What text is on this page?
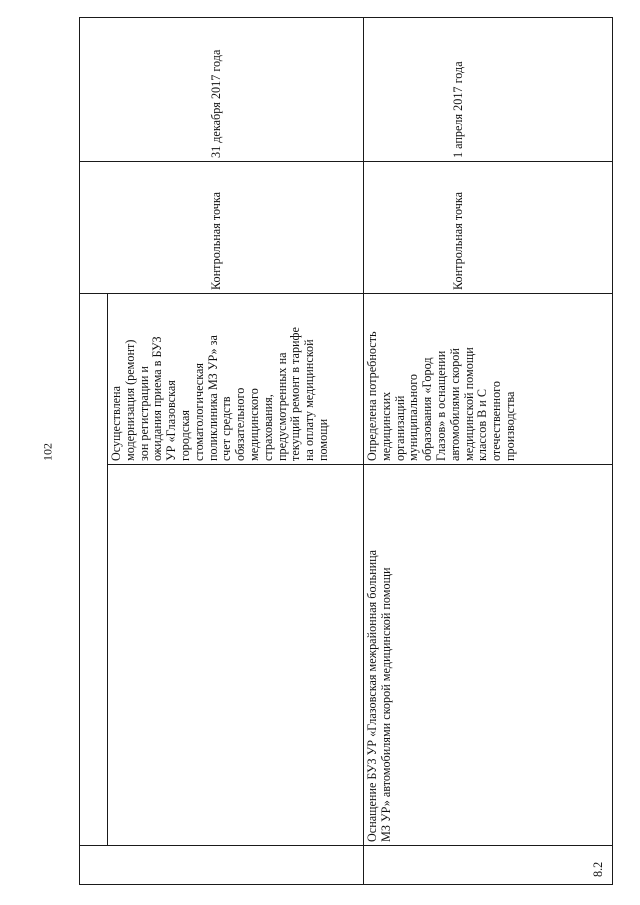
102	Осуществлена модернизация (ремонт) зон регистрации и ожидания приема в БУЗ УР «Глазовская городская стоматологическая поликлиника МЗ УР» за счет средств обязательного медицинского страхования, предусмотренных на текущий ремонт в тарифе на оплату медицинской помощи
Контрольная точка
31 декабря 2017 года
8.2
Оснащение БУЗ УР «Глазовская межрайонная больница МЗ УР» автомобилями скорой медицинской помощи
Определена потребность медицинских организаций муниципального образования «Город Глазов» в оснащении автомобилями скорой медицинской помощи классов В и С отечественного производства
Контрольная точка
1 апреля 2017 года
